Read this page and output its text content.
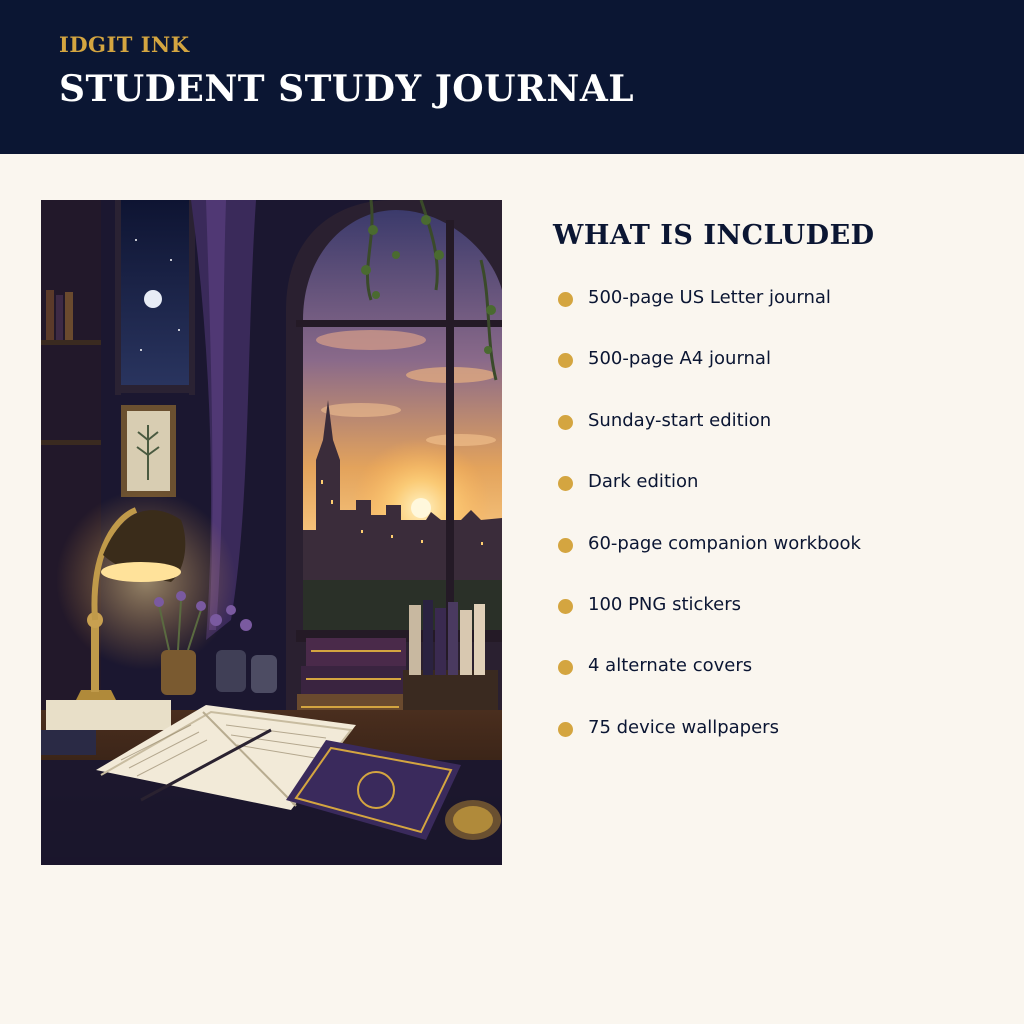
IDGIT INK
STUDENT STUDY JOURNAL
WHAT IS INCLUDED
500-page US Letter journal
500-page A4 journal
Sunday-start edition
Dark edition
60-page companion workbook
100 PNG stickers
4 alternate covers
75 device wallpapers
